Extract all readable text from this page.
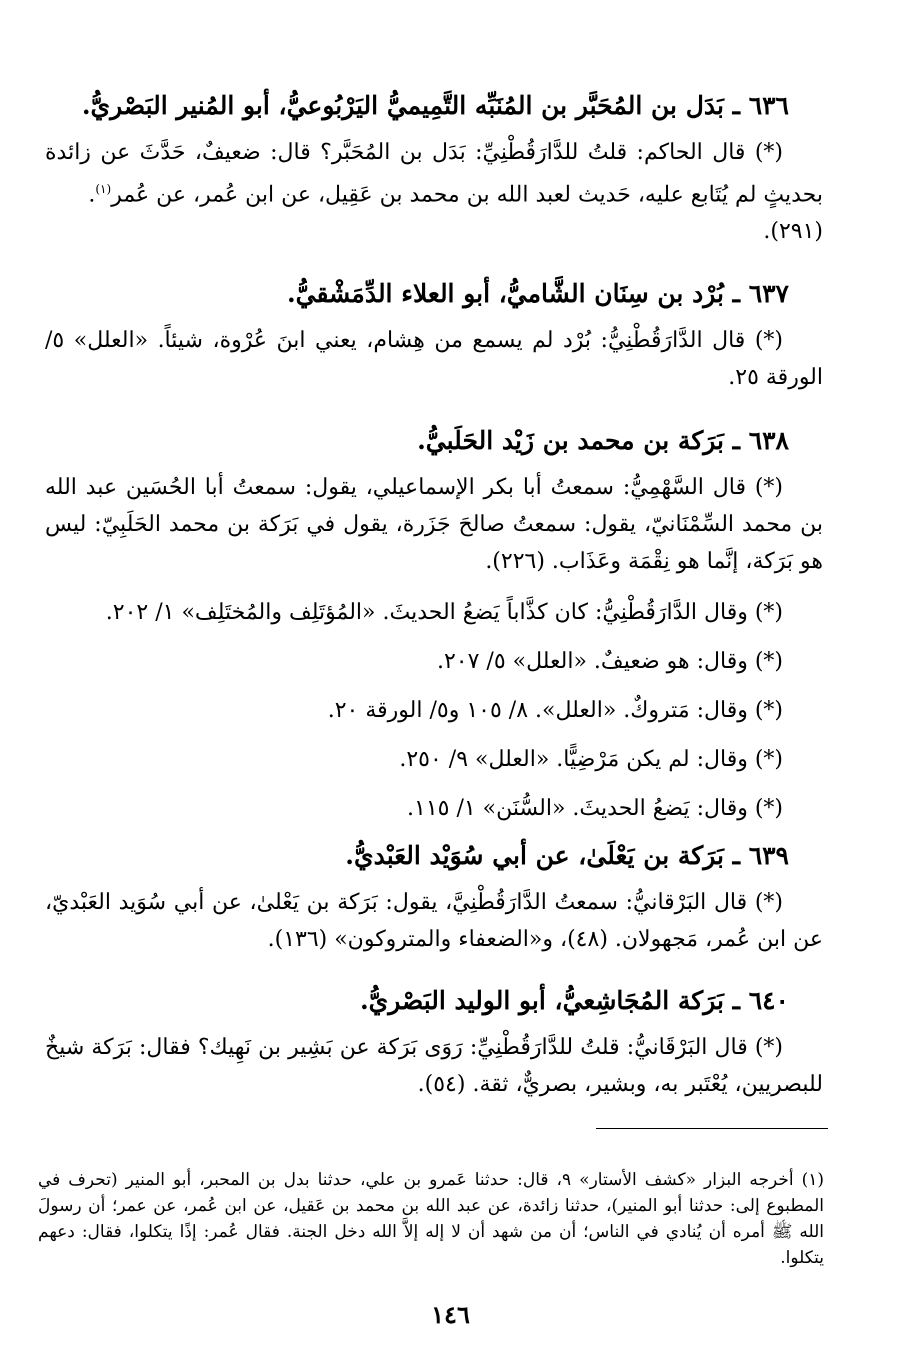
٦٣٦ ـ بَدَل بن المُحَبَّر بن المُنَبِّه التَّمِيميُّ اليَرْبُوعيُّ، أبو المُنير البَصْريُّ.

(*) قال الحاكم: قلتُ للدَّارَقُطْنِيِّ: بَدَل بن المُحَبَّر؟ قال: ضعيفٌ، حَدَّثَ عن زائدة بحديثٍ لم يُتَابع عليه، حَديث لعبد الله بن محمد بن عَقِيل، عن ابن عُمر، عن عُمر$^{(١)}$.

(٢٩١).

٦٣٧ ـ بُرْد بن سِنَان الشَّاميُّ، أبو العلاء الدِّمَشْقيُّ.

(*) قال الدَّارَقُطْنِيُّ: بُرْد لم يسمع من هِشام، يعني ابنَ عُرْوة، شيئاً. «العلل» ٥/ الورقة ٢٥.

٦٣٨ ـ بَرَكة بن محمد بن زَيْد الحَلَبيُّ.

(*) قال السَّهْمِيُّ: سمعتُ أبا بكر الإسماعيلي، يقول: سمعتُ أبا الحُسَين عبد الله بن محمد السِّمْنَانيّ، يقول: سمعتُ صالحَ جَزَرة، يقول في بَرَكة بن محمد الحَلَبِيّ: ليس هو بَرَكة، إنَّما هو نِقْمَة وعَذَاب. (٢٢٦).

(*) وقال الدَّارَقُطْنِيُّ: كان كذَّاباً يَضعُ الحديثَ. «المُؤتَلِف والمُختَلِف» ١/ ٢٠٢.

(*) وقال: هو ضعيفٌ. «العلل» ٥/ ٢٠٧.

(*) وقال: مَتروكٌ. «العلل». ٨/ ١٠٥ و٥/ الورقة ٢٠.

(*) وقال: لم يكن مَرْضِيًّا. «العلل» ٩/ ٢٥٠.

(*) وقال: يَضعُ الحديثَ. «السُّنَن» ١/ ١١٥.

٦٣٩ ـ بَرَكة بن يَعْلَىٰ، عن أبي سُوَيْد العَبْديُّ.

(*) قال البَرْقانيُّ: سمعتُ الدَّارَقُطْنِيَّ، يقول: بَرَكة بن يَعْلىٰ، عن أبي سُوَيد العَبْديّ، عن ابن عُمر، مَجهولان. (٤٨)، و«الضعفاء والمتروكون» (١٣٦).

٦٤٠ ـ بَرَكة المُجَاشِعيُّ، أبو الوليد البَصْريُّ.

(*) قال البَرْقَانيُّ: قلتُ للدَّارَقُطْنِيِّ: رَوَى بَرَكة عن بَشِير بن نَهِيك؟ فقال: بَرَكة شيخٌ للبصريين، يُعْتَبر به، وبشير، بصريٌّ، ثقة. (٥٤).

(١) أخرجه البزار «كشف الأستار» ٩، قال: حدثنا عَمرو بن علي، حدثنا بدل بن المحبر، أبو المنير (تحرف في المطبوع إلى: حدثنا أبو المنير)، حدثنا زائدة، عن عبد الله بن محمد بن عَقيل، عن ابن عُمر، عن عمر؛ أن رسولَ الله ﷺ أمره أن يُنادي في الناس؛ أن من شهد أن لا إله إلاَّ الله دخل الجنة. فقال عُمر: إذًا يتكلوا، فقال: دعهم يتكلوا.

١٤٦
